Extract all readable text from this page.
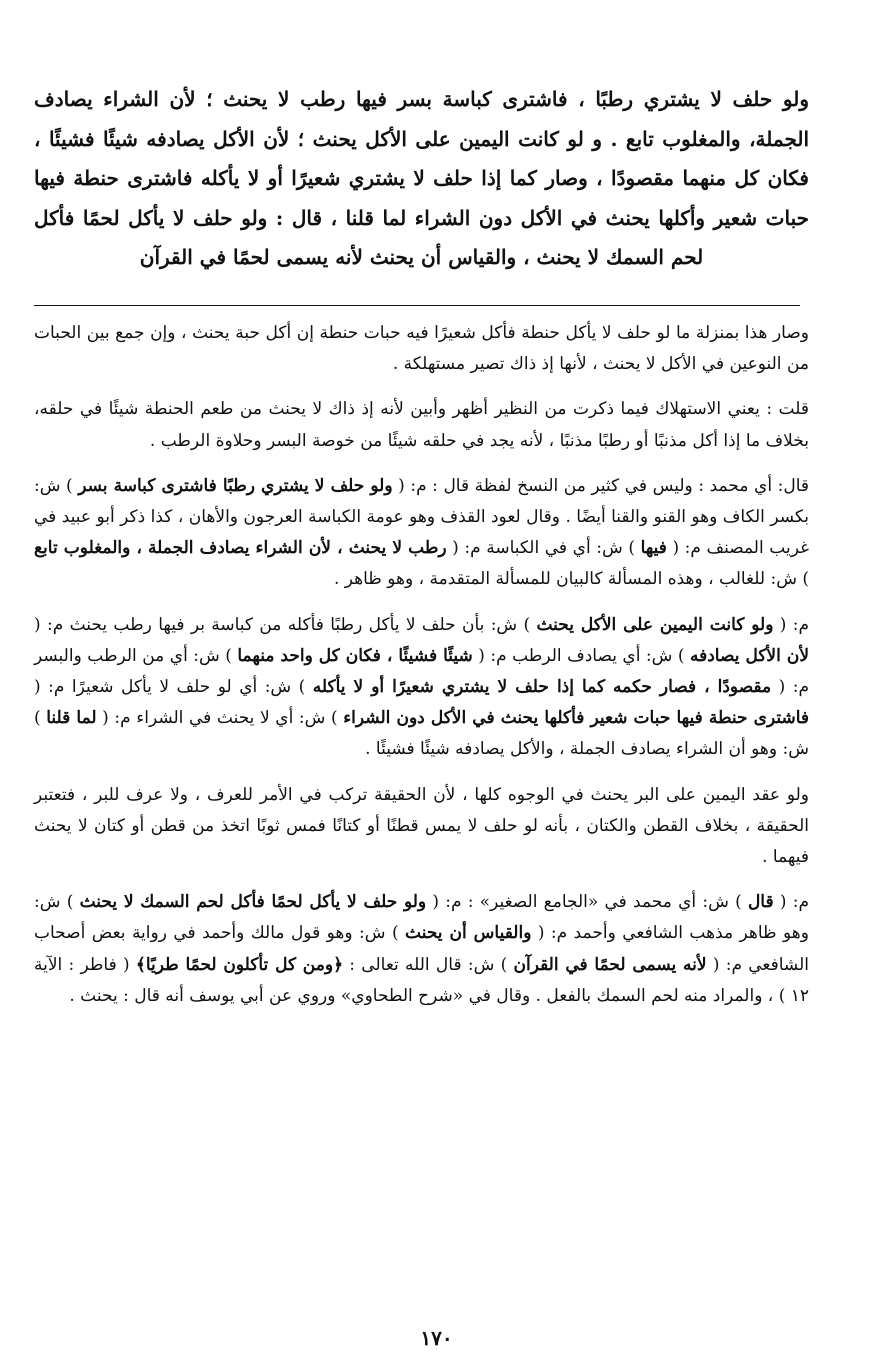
ولو حلف لا يشتري رطبًا ، فاشترى كباسة بسر فيها رطب لا يحنث ؛ لأن الشراء يصادف الجملة، والمغلوب تابع . و لو كانت اليمين على الأكل يحنث ؛ لأن الأكل يصادفه شيئًا فشيئًا ، فكان كل منهما مقصودًا ، وصار كما إذا حلف لا يشتري شعيرًا أو لا يأكله فاشترى حنطة فيها حبات شعير وأكلها يحنث في الأكل دون الشراء لما قلنا ، قال : ولو حلف لا يأكل لحمًا فأكل لحم السمك لا يحنث ، والقياس أن يحنث لأنه يسمى لحمًا في القرآن

وصار هذا بمنزلة ما لو حلف لا يأكل حنطة فأكل شعيرًا فيه حبات حنطة إن أكل حبة يحنث ، وإن جمع بين الحبات من النوعين في الأكل لا يحنث ، لأنها إذ ذاك تصير مستهلكة .

قلت : يعني الاستهلاك فيما ذكرت من النظير أظهر وأبين لأنه إذ ذاك لا يحنث من طعم الحنطة شيئًا في حلقه، بخلاف ما إذا أكل مذنبًا أو رطبًا مذنبًا ، لأنه يجد في حلقه شيئًا من خوصة البسر وحلاوة الرطب .

قال: أي محمد : وليس في كثير من النسخ لفظة قال : م: ( ولو حلف لا يشتري رطبًا فاشترى كباسة بسر ) ش: بكسر الكاف وهو القنو والقنا أيضًا . وقال لعود القذف وهو عومة الكباسة العرجون والأهان ، كذا ذكر أبو عبيد في غريب المصنف م: ( فيها ) ش: أي في الكباسة م: ( رطب لا يحنث ، لأن الشراء يصادف الجملة ، والمغلوب تابع ) ش: للغالب ، وهذه المسألة كالبيان للمسألة المتقدمة ، وهو ظاهر .

م: ( ولو كانت اليمين على الأكل يحنث ) ش: بأن حلف لا يأكل رطبًا فأكله من كباسة بر فيها رطب يحنث م: ( لأن الأكل يصادفه ) ش: أي يصادف الرطب م: ( شيئًا فشيئًا ، فكان كل واحد منهما ) ش: أي من الرطب والبسر م: ( مقصودًا ، فصار حكمه كما إذا حلف لا يشتري شعيرًا أو لا يأكله ) ش: أي لو حلف لا يأكل شعيرًا م: ( فاشترى حنطة فيها حبات شعير فأكلها يحنث في الأكل دون الشراء ) ش: أي لا يحنث في الشراء م: ( لما قلنا ) ش: وهو أن الشراء يصادف الجملة ، والأكل يصادفه شيئًا فشيئًا .

ولو عقد اليمين على البر يحنث في الوجوه كلها ، لأن الحقيقة تركب في الأمر للعرف ، ولا عرف للبر ، فتعتبر الحقيقة ، بخلاف القطن والكتان ، بأنه لو حلف لا يمس قطنًا أو كتانًا فمس ثوبًا اتخذ من قطن أو كتان لا يحنث فيهما .

م: ( قال ) ش: أي محمد في «الجامع الصغير» : م: ( ولو حلف لا يأكل لحمًا فأكل لحم السمك لا يحنث ) ش: وهو ظاهر مذهب الشافعي وأحمد م: ( والقياس أن يحنث ) ش: وهو قول مالك وأحمد في رواية بعض أصحاب الشافعي م: ( لأنه يسمى لحمًا في القرآن ) ش: قال الله تعالى : ﴿ومن كل تأكلون لحمًا طريًا﴾ ( فاطر : الآية ١٢ ) ، والمراد منه لحم السمك بالفعل . وقال في «شرح الطحاوي» وروي عن أبي يوسف أنه قال : يحنث .

١٧٠
